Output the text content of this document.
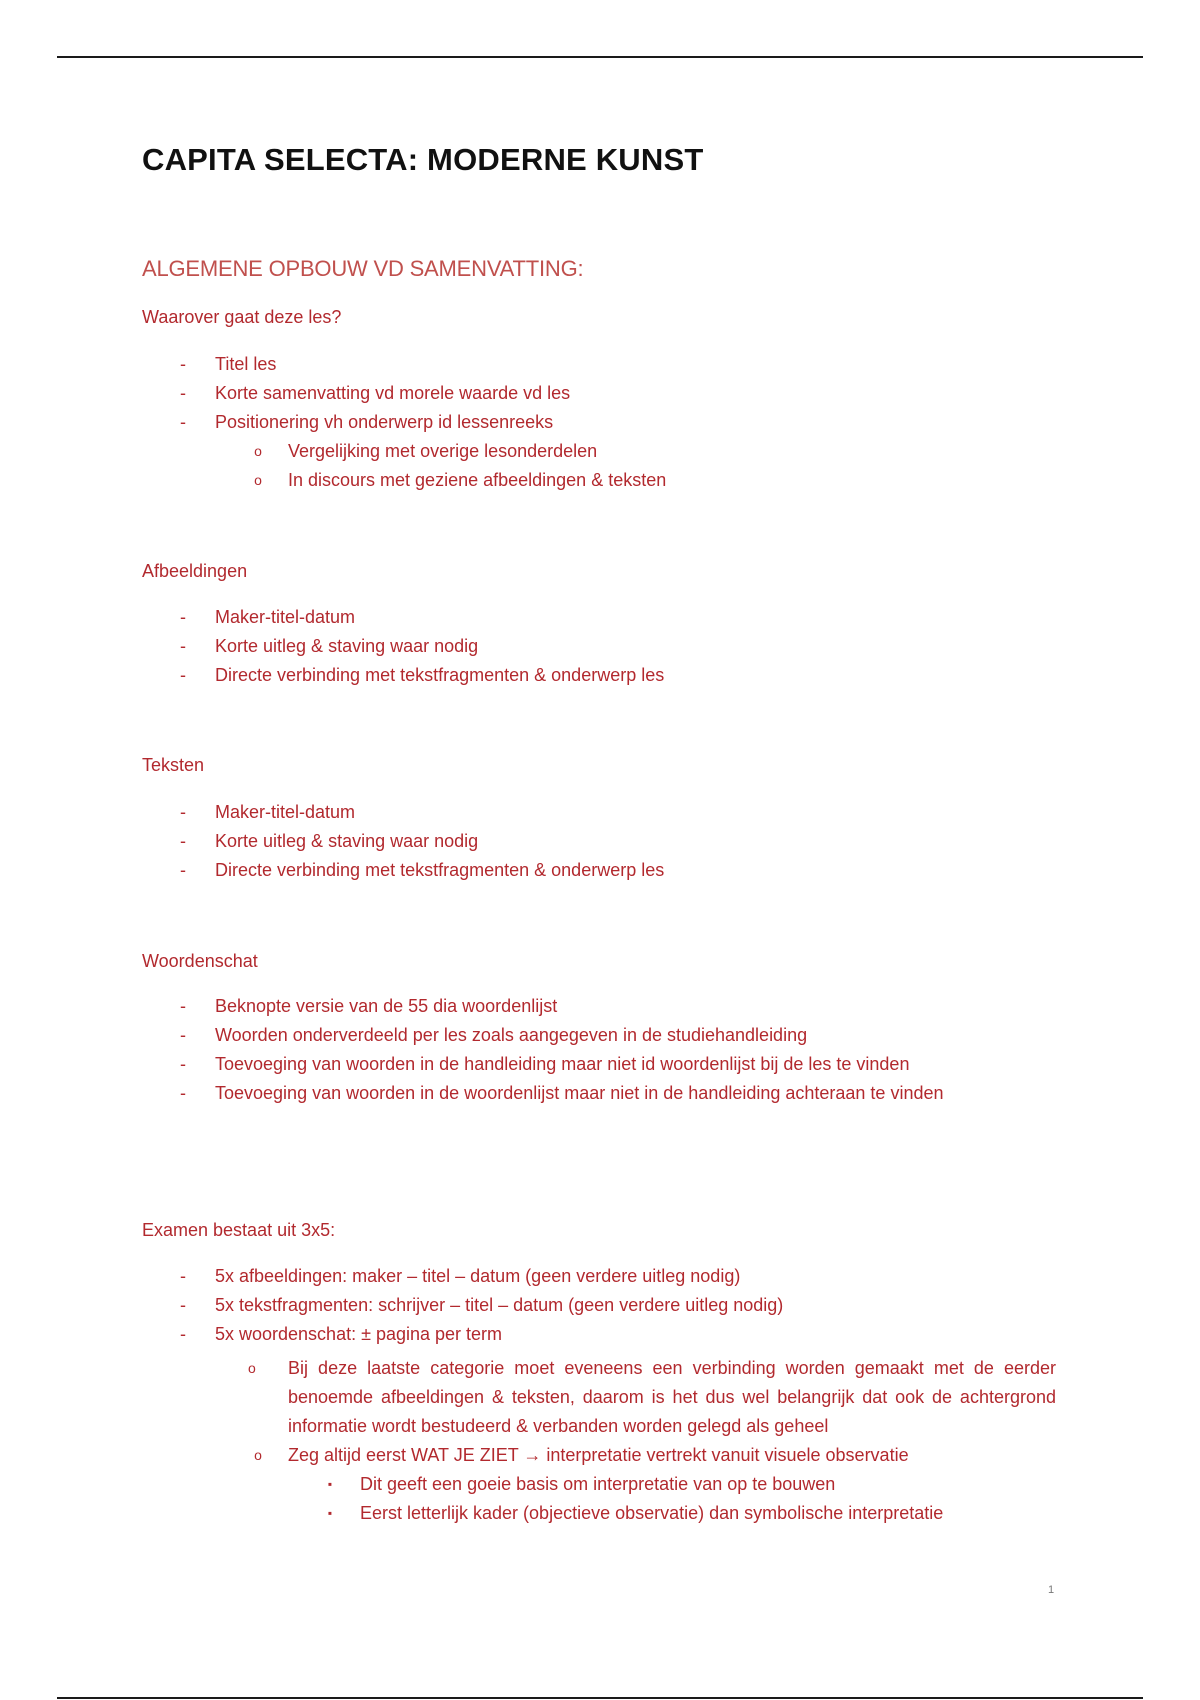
CAPITA SELECTA: MODERNE KUNST
ALGEMENE OPBOUW VD SAMENVATTING:

Waarover gaat deze les?

-	Titel les
-	Korte samenvatting vd morele waarde vd les
-	Positionering vh onderwerp id lessenreeks
o	Vergelijking met overige lesonderdelen
o	In discours met geziene afbeeldingen & teksten

Afbeeldingen

-	Maker-titel-datum
-	Korte uitleg & staving waar nodig
-	Directe verbinding met tekstfragmenten & onderwerp les

Teksten

-	Maker-titel-datum
-	Korte uitleg & staving waar nodig
-	Directe verbinding met tekstfragmenten & onderwerp les

Woordenschat

-	Beknopte versie van de 55 dia woordenlijst
-	Woorden onderverdeeld per les zoals aangegeven in de studiehandleiding
-	Toevoeging van woorden in de handleiding maar niet id woordenlijst bij de les te vinden
-	Toevoeging van woorden in de woordenlijst maar niet in de handleiding achteraan te vinden

Examen bestaat uit 3x5:

-	5x afbeeldingen: maker – titel – datum (geen verdere uitleg nodig)
-	5x tekstfragmenten: schrijver – titel – datum (geen verdere uitleg nodig)
-	5x woordenschat: ± pagina per term
o Bij deze laatste categorie moet eveneens een verbinding worden gemaakt met de eerder benoemde afbeeldingen & teksten, daarom is het dus wel belangrijk dat ook de achtergrond informatie wordt bestudeerd & verbanden worden gelegd als geheel
o	Zeg altijd eerst WAT JE ZIET → interpretatie vertrekt vanuit visuele observatie
▪	Dit geeft een goeie basis om interpretatie van op te bouwen
▪	Eerst letterlijk kader (objectieve observatie) dan symbolische interpretatie
1
